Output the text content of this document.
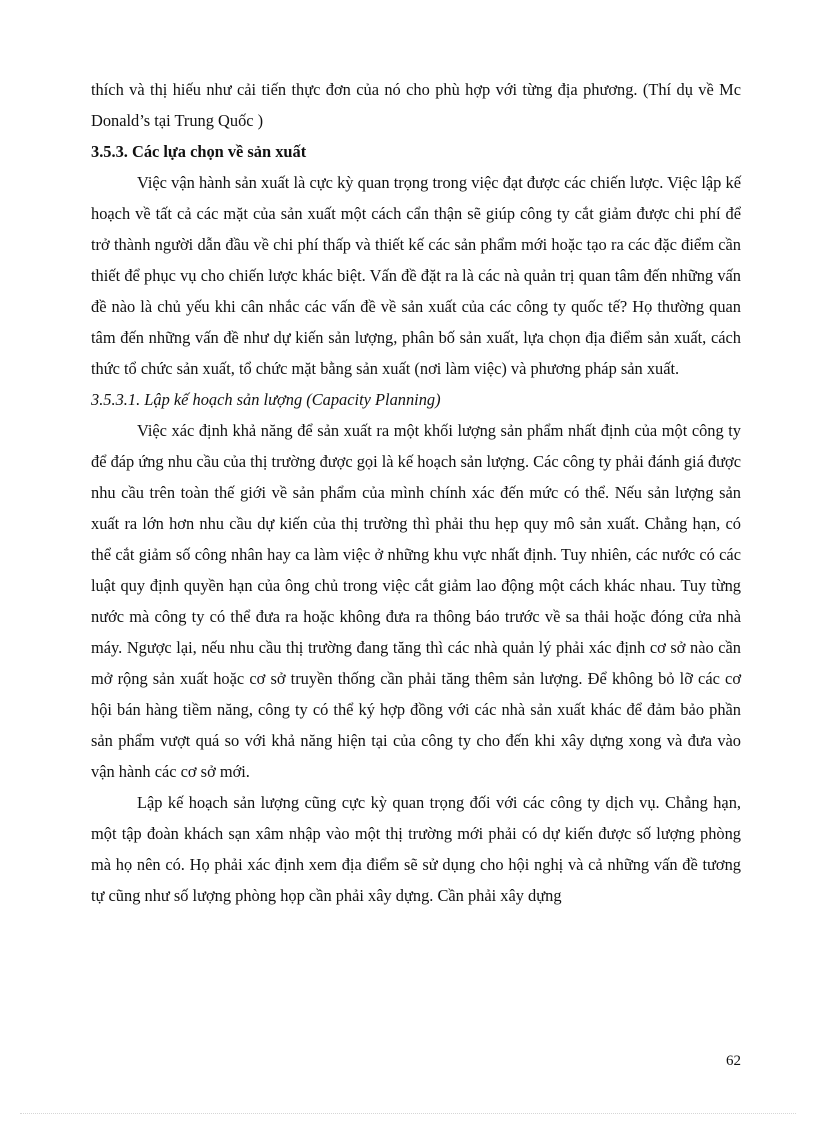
thích và thị hiếu như cải tiến thực đơn của nó cho phù hợp với từng địa phương. (Thí dụ về Mc Donald’s tại Trung Quốc )

3.5.3. Các lựa chọn về sản xuất

Việc vận hành sản xuất là cực kỳ quan trọng trong việc đạt được các chiến lược. Việc lập kế hoạch về tất cả các mặt của sản xuất một cách cẩn thận sẽ giúp công ty cắt giảm được chi phí để trở thành người dẫn đầu về chi phí thấp và thiết kế các sản phẩm mới hoặc tạo ra các đặc điểm cần thiết để phục vụ cho chiến lược khác biệt. Vấn đề đặt ra là các nà quản trị quan tâm đến những vấn đề nào là chủ yếu khi cân nhắc các vấn đề về sản xuất của các công ty quốc tế? Họ thường quan tâm đến những vấn đề như dự kiến sản lượng, phân bố sản xuất, lựa chọn địa điểm sản xuất, cách thức tổ chức sản xuất, tổ chức mặt bằng sản xuất (nơi làm việc) và phương pháp sản xuất.

3.5.3.1. Lập kế hoạch sản lượng (Capacity Planning)

Việc xác định khả năng để sản xuất ra một khối lượng sản phẩm nhất định của một công ty để đáp ứng nhu cầu của thị trường được gọi là kế hoạch sản lượng. Các công ty phải đánh giá được nhu cầu trên toàn thế giới về sản phẩm của mình chính xác đến mức có thể. Nếu sản lượng sản xuất ra lớn hơn nhu cầu dự kiến của thị trường thì phải thu hẹp quy mô sản xuất. Chẳng hạn, có thể cắt giảm số công nhân hay ca làm việc ở những khu vực nhất định. Tuy nhiên, các nước có các luật quy định quyền hạn của ông chủ trong việc cắt giảm lao động một cách khác nhau. Tuy từng nước mà công ty có thể đưa ra hoặc không đưa ra thông báo trước về sa thải hoặc đóng cửa nhà máy. Ngược lại, nếu nhu cầu thị trường đang tăng thì các nhà quản lý phải xác định cơ sở nào cần mở rộng sản xuất hoặc cơ sở truyền thống cần phải tăng thêm sản lượng. Để không bỏ lỡ các cơ hội bán hàng tiềm năng, công ty có thể ký hợp đồng với các nhà sản xuất khác để đảm bảo phần sản phẩm vượt quá so với khả năng hiện tại của công ty cho đến khi xây dựng xong và đưa vào vận hành các cơ sở mới.

Lập kế hoạch sản lượng cũng cực kỳ quan trọng đối với các công ty dịch vụ. Chẳng hạn, một tập đoàn khách sạn xâm nhập vào một thị trường mới phải có dự kiến được số lượng phòng mà họ nên có. Họ phải xác định xem địa điểm sẽ sử dụng cho hội nghị và cả những vấn đề tương tự cũng như số lượng phòng họp cần phải xây dựng. Cần phải xây dựng

62
